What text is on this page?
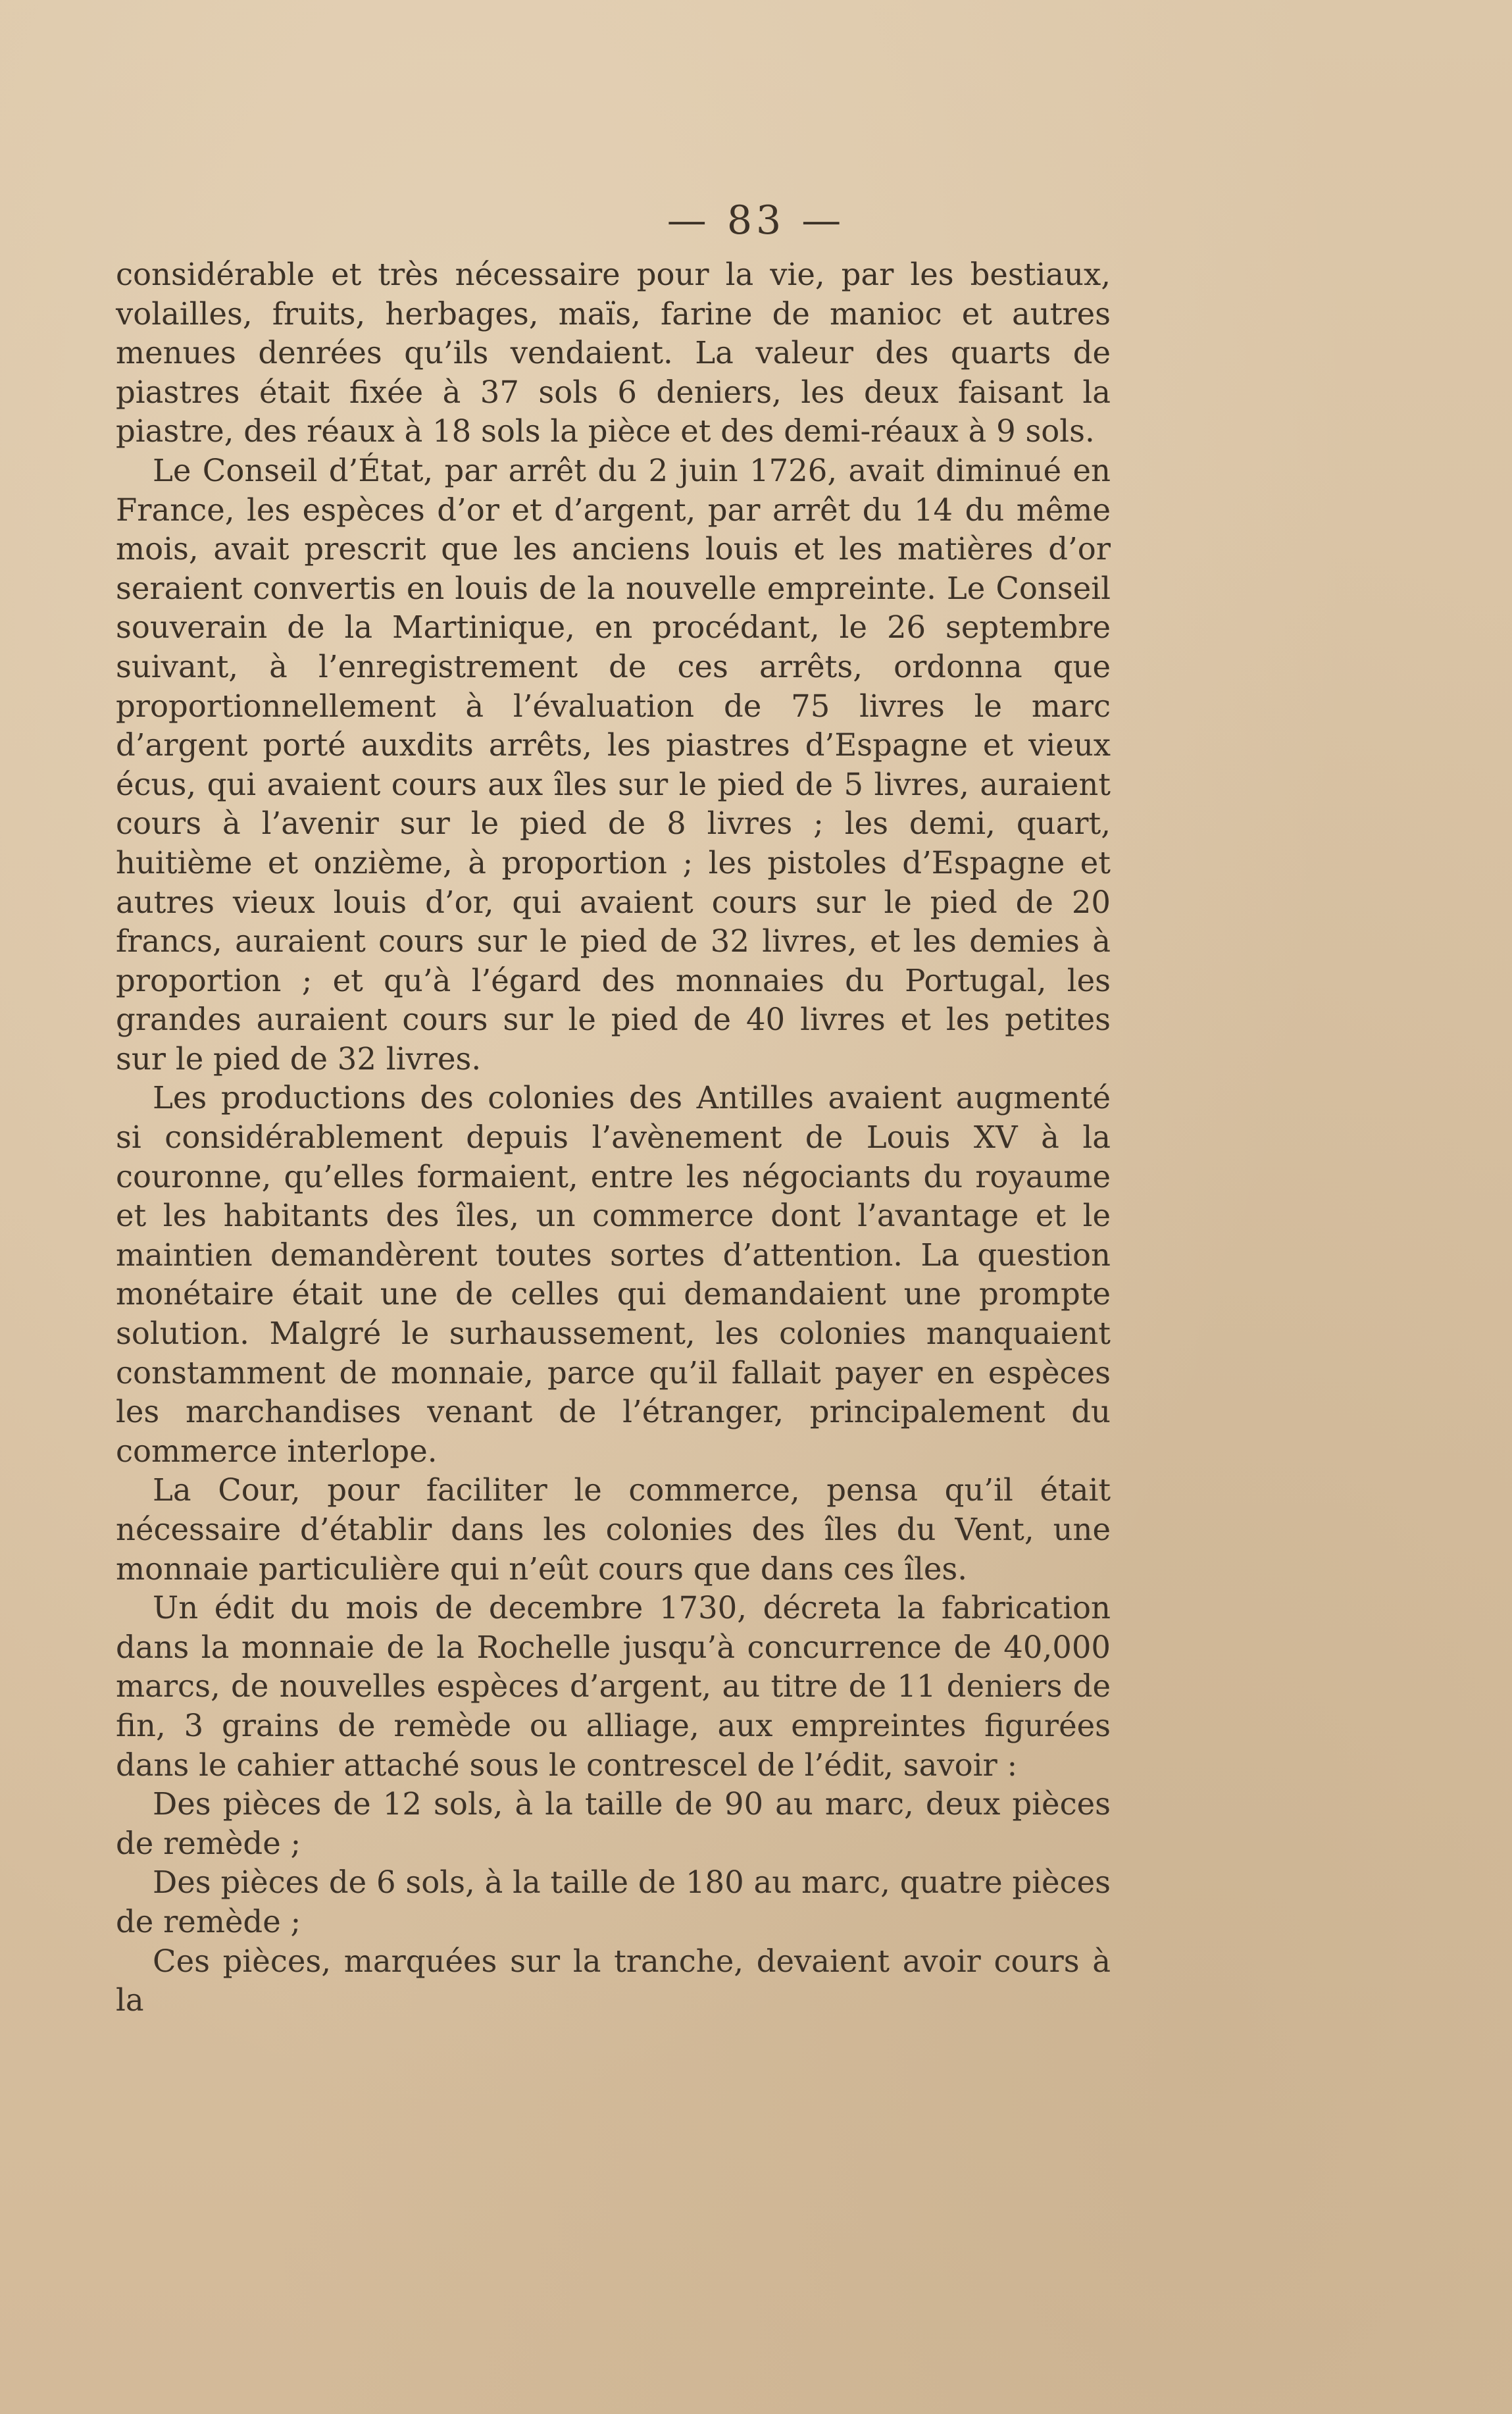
— 83 —

considérable et très nécessaire pour la vie, par les bestiaux, volailles, fruits, herbages, maïs, farine de manioc et autres menues denrées qu’ils vendaient. La valeur des quarts de piastres était fixée à 37 sols 6 deniers, les deux faisant la piastre, des réaux à 18 sols la pièce et des demi-réaux à 9 sols.

Le Conseil d’État, par arrêt du 2 juin 1726, avait diminué en France, les espèces d’or et d’argent, par arrêt du 14 du même mois, avait prescrit que les anciens louis et les matières d’or seraient convertis en louis de la nouvelle empreinte. Le Conseil souverain de la Martinique, en procédant, le 26 septembre suivant, à l’enregistrement de ces arrêts, ordonna que proportionnellement à l’évaluation de 75 livres le marc d’argent porté auxdits arrêts, les piastres d’Espagne et vieux écus, qui avaient cours aux îles sur le pied de 5 livres, auraient cours à l’avenir sur le pied de 8 livres ; les demi, quart, huitième et onzième, à proportion ; les pistoles d’Espagne et autres vieux louis d’or, qui avaient cours sur le pied de 20 francs, auraient cours sur le pied de 32 livres, et les demies à proportion ; et qu’à l’égard des monnaies du Portugal, les grandes auraient cours sur le pied de 40 livres et les petites sur le pied de 32 livres.

Les productions des colonies des Antilles avaient augmenté si considérablement depuis l’avènement de Louis XV à la couronne, qu’elles formaient, entre les négociants du royaume et les habitants des îles, un commerce dont l’avantage et le maintien demandèrent toutes sortes d’attention. La question monétaire était une de celles qui demandaient une prompte solution. Malgré le surhaussement, les colonies manquaient constamment de monnaie, parce qu’il fallait payer en espèces les marchandises venant de l’étranger, principalement du commerce interlope.

La Cour, pour faciliter le commerce, pensa qu’il était nécessaire d’établir dans les colonies des îles du Vent, une monnaie particulière qui n’eût cours que dans ces îles.

Un édit du mois de decembre 1730, décreta la fabrication dans la monnaie de la Rochelle jusqu’à concurrence de 40,000 marcs, de nouvelles espèces d’argent, au titre de 11 deniers de fin, 3 grains de remède ou alliage, aux empreintes figurées dans le cahier attaché sous le contrescel de l’édit, savoir :

Des pièces de 12 sols, à la taille de 90 au marc, deux pièces de remède ;

Des pièces de 6 sols, à la taille de 180 au marc, quatre pièces de remède ;

Ces pièces, marquées sur la tranche, devaient avoir cours à la
